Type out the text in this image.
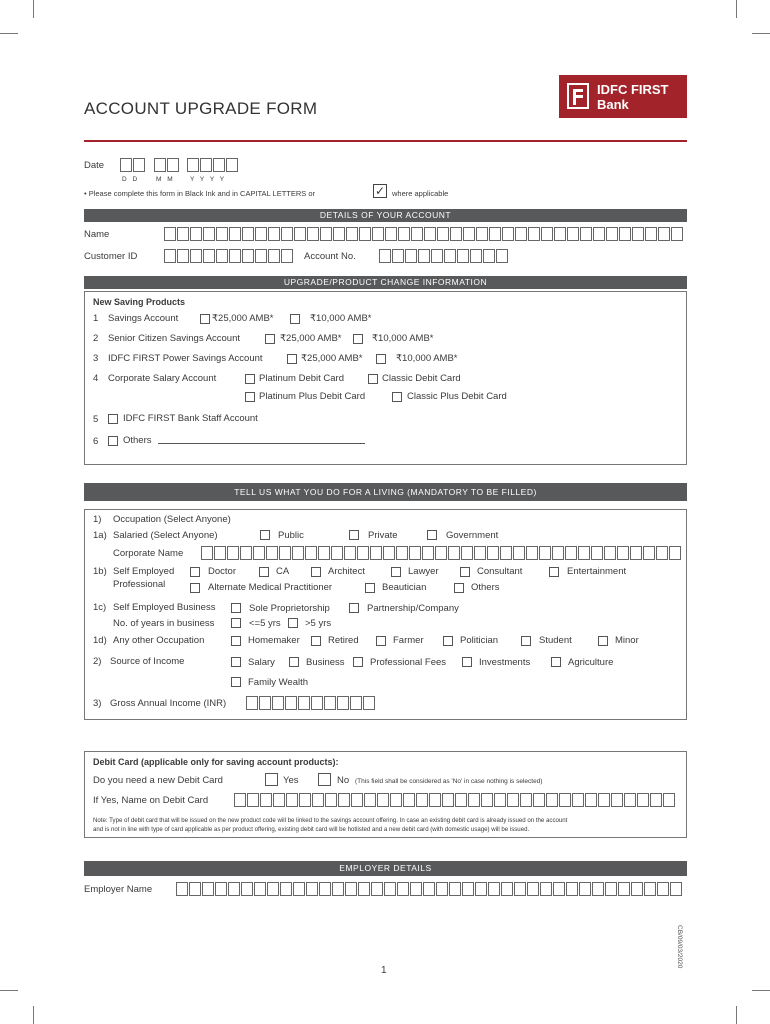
ACCOUNT UPGRADE FORM
IDFC FIRST
Bank
Date
D D	M M Y Y Y Y
• Please complete this form in Black Ink and in CAPITAL LETTERS or	✓ where applicable
DETAILS OF YOUR ACCOUNT
Name
Customer ID	Account No.
UPGRADE/PRODUCT CHANGE INFORMATION
New Saving Products
1 Savings Account	₹25,000 AMB*	₹10,000 AMB*
2 Senior Citizen Savings Account	₹25,000 AMB*	₹10,000 AMB*
3 IDFC FIRST Power Savings Account	₹25,000 AMB*	₹10,000 AMB*
4 Corporate Salary Account	Platinum Debit Card	Classic Debit Card
Platinum Plus Debit Card	Classic Plus Debit Card
5	IDFC FIRST Bank Staff Account
6	Others
TELL US WHAT YOU DO FOR A LIVING (MANDATORY TO BE FILLED)
1) Occupation (Select Anyone)
1a) Salaried (Select Anyone)	Public	Private	Government
Corporate Name
1b) Self Employed
Professional
Doctor	CA	Architect	Lawyer	Consultant	Entertainment
Alternate Medical Practitioner	Beautician	Others
1c) Self Employed Business	Sole Proprietorship	Partnership/Company
No. of years in business	<=5 yrs	>5 yrs
1d) Any other Occupation	Homemaker	Retired	Farmer	Politician	Student	Minor
2) Source of Income	Salary	Business	Professional Fees	Investments	Agriculture
Family Wealth
3) Gross Annual Income (INR)
Debit Card (applicable only for saving account products):
Do you need a new Debit Card	Yes	No (This field shall be considered as 'No' in case nothing is selected)
If Yes, Name on Debit Card
Note: Type of debit card that will be issued on the new product code will be linked to the savings account offering. In case an existing debit card is already issued on the account
and is not in line with type of card applicable as per product offering, existing debit card will be hotlisted and a new debit card (with domestic usage) will be issued.
EMPLOYER DETAILS
Employer Name
1
CB/09/03/2020
